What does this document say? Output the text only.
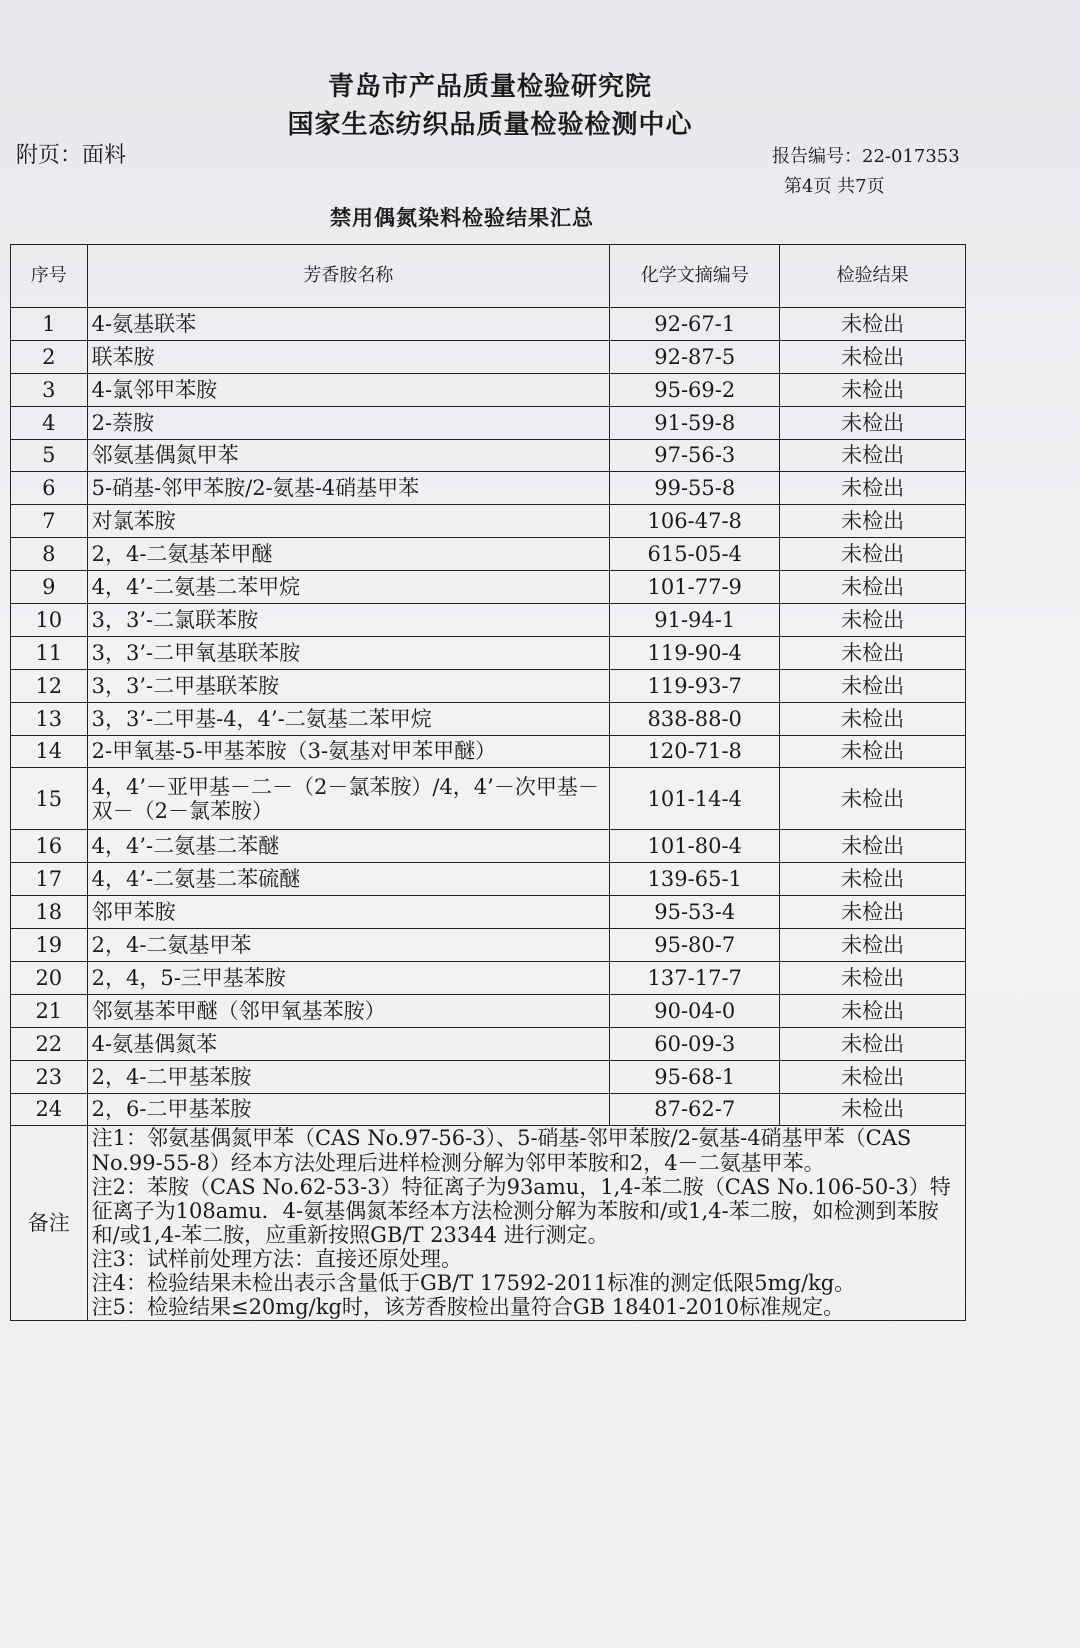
青岛市产品质量检验研究院
国家生态纺织品质量检验检测中心
附页：面料	报告编号：22-017353
第4页 共7页
禁用偶氮染料检验结果汇总
序号	芳香胺名称	化学文摘编号	检验结果
1	4-氨基联苯	92-67-1	未检出
2	联苯胺	92-87-5	未检出
3	4-氯邻甲苯胺	95-69-2	未检出
4	2-萘胺	91-59-8	未检出
5	邻氨基偶氮甲苯	97-56-3	未检出
6	5-硝基-邻甲苯胺/2-氨基-4硝基甲苯	99-55-8	未检出
7	对氯苯胺	106-47-8	未检出
8	2，4-二氨基苯甲醚	615-05-4	未检出
9	4，4’-二氨基二苯甲烷	101-77-9	未检出
10	3，3’-二氯联苯胺	91-94-1	未检出
11	3，3’-二甲氧基联苯胺	119-90-4	未检出
12	3，3’-二甲基联苯胺	119-93-7	未检出
13	3，3’-二甲基-4，4’-二氨基二苯甲烷	838-88-0	未检出
14	2-甲氧基-5-甲基苯胺（3-氨基对甲苯甲醚）	120-71-8	未检出
15	4，4’－亚甲基－二－（2－氯苯胺）/4，4’－次甲基－双－（2－氯苯胺）	101-14-4	未检出
16	4，4’-二氨基二苯醚	101-80-4	未检出
17	4，4’-二氨基二苯硫醚	139-65-1	未检出
18	邻甲苯胺	95-53-4	未检出
19	2，4-二氨基甲苯	95-80-7	未检出
20	2，4，5-三甲基苯胺	137-17-7	未检出
21	邻氨基苯甲醚（邻甲氧基苯胺）	90-04-0	未检出
22	4-氨基偶氮苯	60-09-3	未检出
23	2，4-二甲基苯胺	95-68-1	未检出
24	2，6-二甲基苯胺	87-62-7	未检出
备注	注1：邻氨基偶氮甲苯（CAS No.97-56-3）、5-硝基-邻甲苯胺/2-氨基-4硝基甲苯（CAS No.99-55-8）经本方法处理后进样检测分解为邻甲苯胺和2，4－二氨基甲苯。

注2：苯胺（CAS No.62-53-3）特征离子为93amu，1,4-苯二胺（CAS No.106-50-3）特征离子为108amu．4-氨基偶氮苯经本方法检测分解为苯胺和/或1,4-苯二胺，如检测到苯胺和/或1,4-苯二胺，应重新按照GB/T 23344 进行测定。

注3：试样前处理方法：直接还原处理。

注4：检验结果未检出表示含量低于GB/T 17592-2011标准的测定低限5mg/kg。

注5：检验结果≤20mg/kg时，该芳香胺检出量符合GB 18401-2010标准规定。		
